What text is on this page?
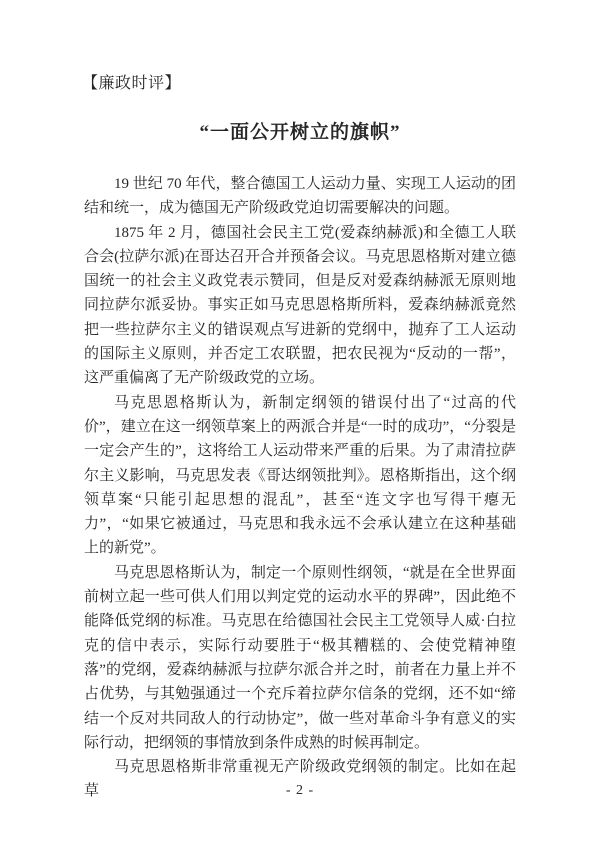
【廉政时评】
“一面公开树立的旗帜”

19 世纪 70 年代，整合德国工人运动力量、实现工人运动的团结和统一，成为德国无产阶级政党迫切需要解决的问题。

1875 年 2 月，德国社会民主工党(爱森纳赫派)和全德工人联合会(拉萨尔派)在哥达召开合并预备会议。马克思恩格斯对建立德国统一的社会主义政党表示赞同，但是反对爱森纳赫派无原则地同拉萨尔派妥协。事实正如马克思恩格斯所料，爱森纳赫派竟然把一些拉萨尔主义的错误观点写进新的党纲中，抛弃了工人运动的国际主义原则，并否定工农联盟，把农民视为“反动的一帮”，这严重偏离了无产阶级政党的立场。

马克思恩格斯认为，新制定纲领的错误付出了“过高的代价”，建立在这一纲领草案上的两派合并是“一时的成功”，“分裂是一定会产生的”，这将给工人运动带来严重的后果。为了肃清拉萨尔主义影响，马克思发表《哥达纲领批判》。恩格斯指出，这个纲领草案“只能引起思想的混乱”，甚至“连文字也写得干瘪无力”，“如果它被通过，马克思和我永远不会承认建立在这种基础上的新党”。

马克思恩格斯认为，制定一个原则性纲领，“就是在全世界面前树立起一些可供人们用以判定党的运动水平的界碑”，因此绝不能降低党纲的标准。马克思在给德国社会民主工党领导人威·白拉克的信中表示，实际行动要胜于“极其糟糕的、会使党精神堕落”的党纲，爱森纳赫派与拉萨尔派合并之时，前者在力量上并不占优势，与其勉强通过一个充斥着拉萨尔信条的党纲，还不如“缔结一个反对共同敌人的行动协定”，做一些对革命斗争有意义的实际行动，把纲领的事情放到条件成熟的时候再制定。

马克思恩格斯非常重视无产阶级政党纲领的制定。比如在起草	- 2 -
